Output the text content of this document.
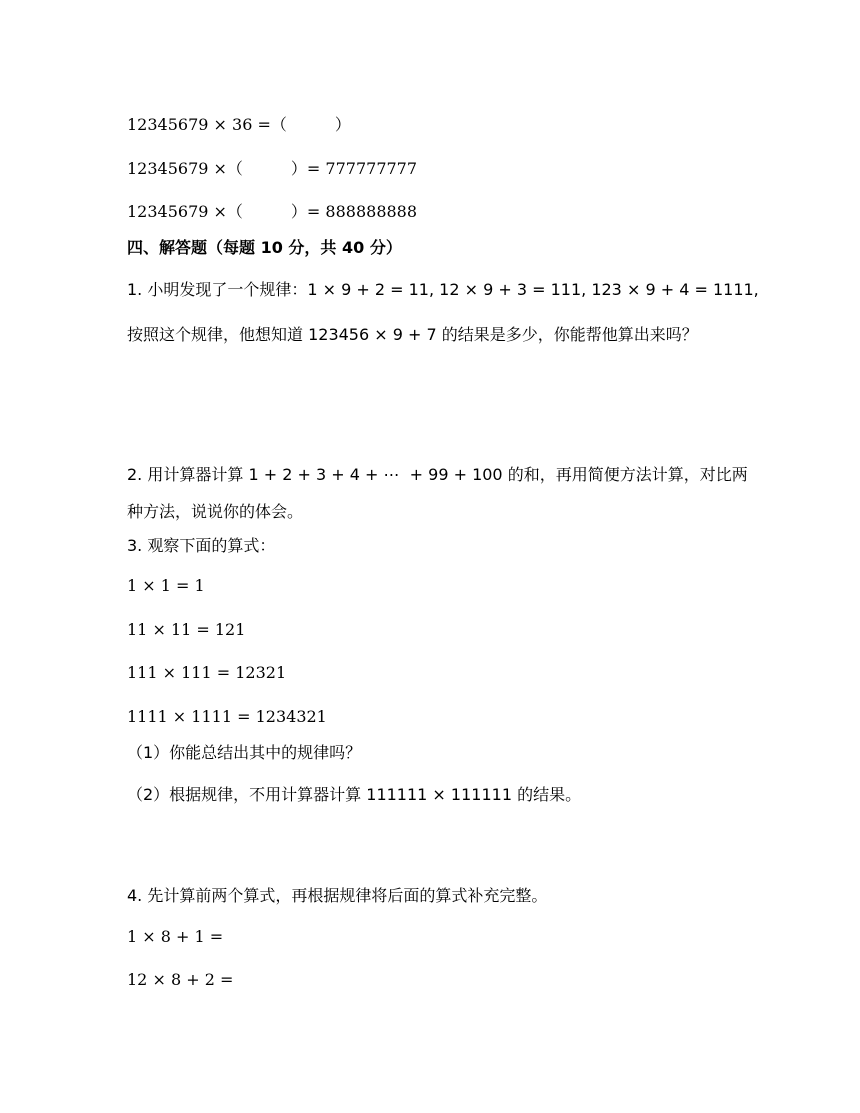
12345679 × 36 =（　　　）
12345679 ×（　　　）= 777777777
12345679 ×（　　　）= 888888888
四、解答题（每题 10 分，共 40 分）
1. 小明发现了一个规律：1 × 9 + 2 = 11, 12 × 9 + 3 = 111, 123 × 9 + 4 = 1111,
按照这个规律，他想知道 123456 × 9 + 7 的结果是多少，你能帮他算出来吗？
2. 用计算器计算 1 + 2 + 3 + 4 + ⋯  + 99 + 100 的和，再用简便方法计算，对比两
种方法，说说你的体会。
3. 观察下面的算式：
1 × 1 = 1
11 × 11 = 121
111 × 111 = 12321
1111 × 1111 = 1234321
（1）你能总结出其中的规律吗？
（2）根据规律，不用计算器计算 111111 × 111111 的结果。
4. 先计算前两个算式，再根据规律将后面的算式补充完整。
1 × 8 + 1 =
12 × 8 + 2 =
